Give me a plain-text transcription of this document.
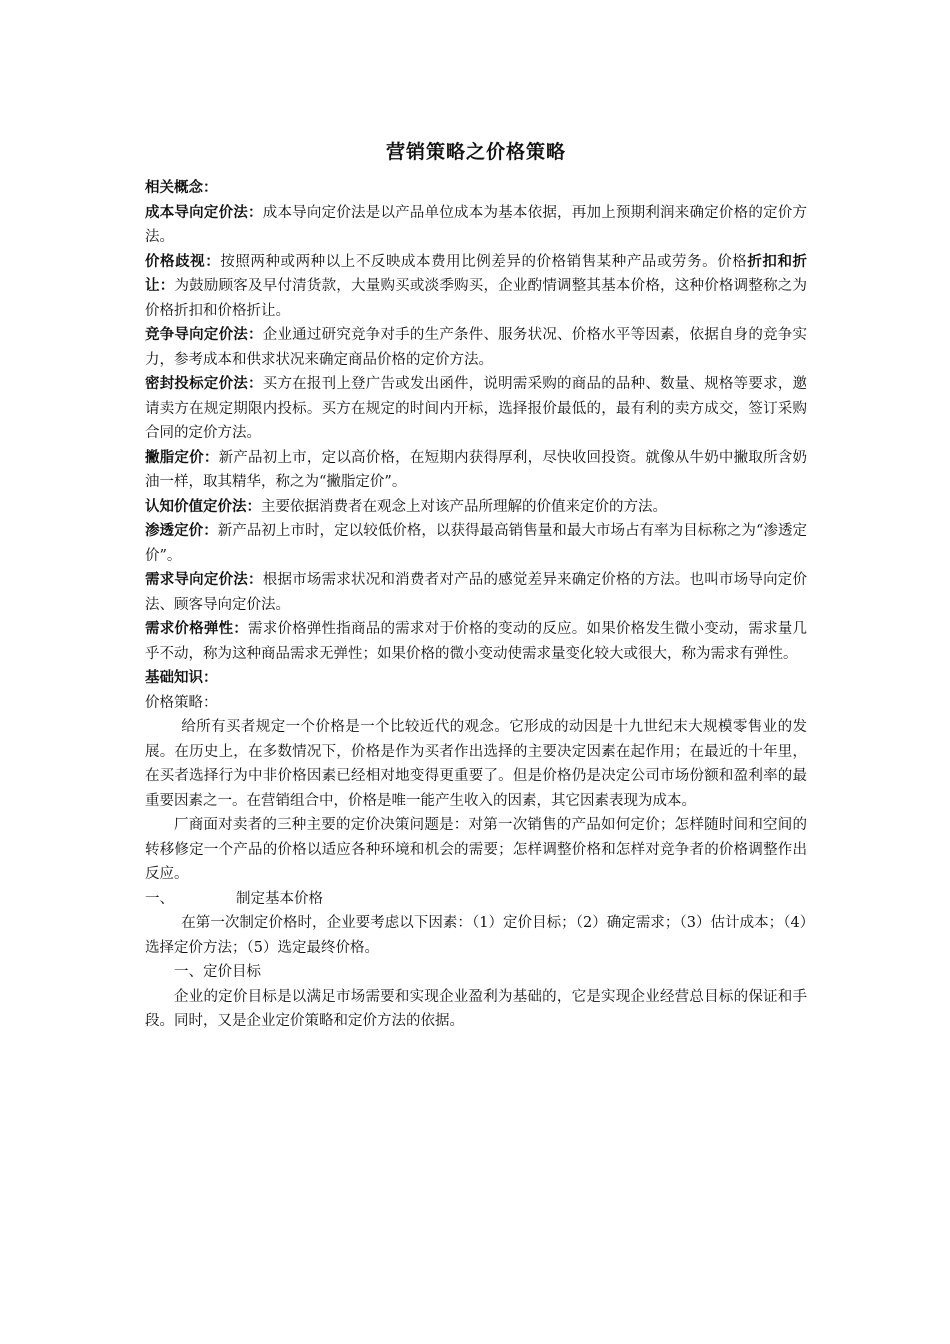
营销策略之价格策略

相关概念：

成本导向定价法：成本导向定价法是以产品单位成本为基本依据，再加上预期利润来确定价格的定价方法。

价格歧视：按照两种或两种以上不反映成本费用比例差异的价格销售某种产品或劳务。价格折扣和折让：为鼓励顾客及早付清货款，大量购买或淡季购买，企业酌情调整其基本价格，这种价格调整称之为价格折扣和价格折让。

竞争导向定价法：企业通过研究竞争对手的生产条件、服务状况、价格水平等因素，依据自身的竞争实力，参考成本和供求状况来确定商品价格的定价方法。

密封投标定价法：买方在报刊上登广告或发出函件，说明需采购的商品的品种、数量、规格等要求，邀请卖方在规定期限内投标。买方在规定的时间内开标，选择报价最低的，最有利的卖方成交，签订采购合同的定价方法。

撇脂定价：新产品初上市，定以高价格，在短期内获得厚利，尽快收回投资。就像从牛奶中撇取所含奶油一样，取其精华，称之为“撇脂定价”。

认知价值定价法：主要依据消费者在观念上对该产品所理解的价值来定价的方法。

渗透定价：新产品初上市时，定以较低价格，以获得最高销售量和最大市场占有率为目标称之为“渗透定价”。

需求导向定价法：根据市场需求状况和消费者对产品的感觉差异来确定价格的方法。也叫市场导向定价法、顾客导向定价法。

需求价格弹性：需求价格弹性指商品的需求对于价格的变动的反应。如果价格发生微小变动，需求量几乎不动，称为这种商品需求无弹性；如果价格的微小变动使需求量变化较大或很大，称为需求有弹性。

基础知识：

价格策略：

给所有买者规定一个价格是一个比较近代的观念。它形成的动因是十九世纪末大规模零售业的发展。在历史上，在多数情况下，价格是作为买者作出选择的主要决定因素在起作用；在最近的十年里，在买者选择行为中非价格因素已经相对地变得更重要了。但是价格仍是决定公司市场份额和盈利率的最重要因素之一。在营销组合中，价格是唯一能产生收入的因素，其它因素表现为成本。

厂商面对卖者的三种主要的定价决策问题是：对第一次销售的产品如何定价；怎样随时间和空间的转移修定一个产品的价格以适应各种环境和机会的需要；怎样调整价格和怎样对竞争者的价格调整作出反应。

一、	制定基本价格

在第一次制定价格时，企业要考虑以下因素：（1）定价目标；（2）确定需求；（3）估计成本；（4）选择定价方法；（5）选定最终价格。

一、定价目标

企业的定价目标是以满足市场需要和实现企业盈利为基础的，它是实现企业经营总目标的保证和手段。同时，又是企业定价策略和定价方法的依据。
